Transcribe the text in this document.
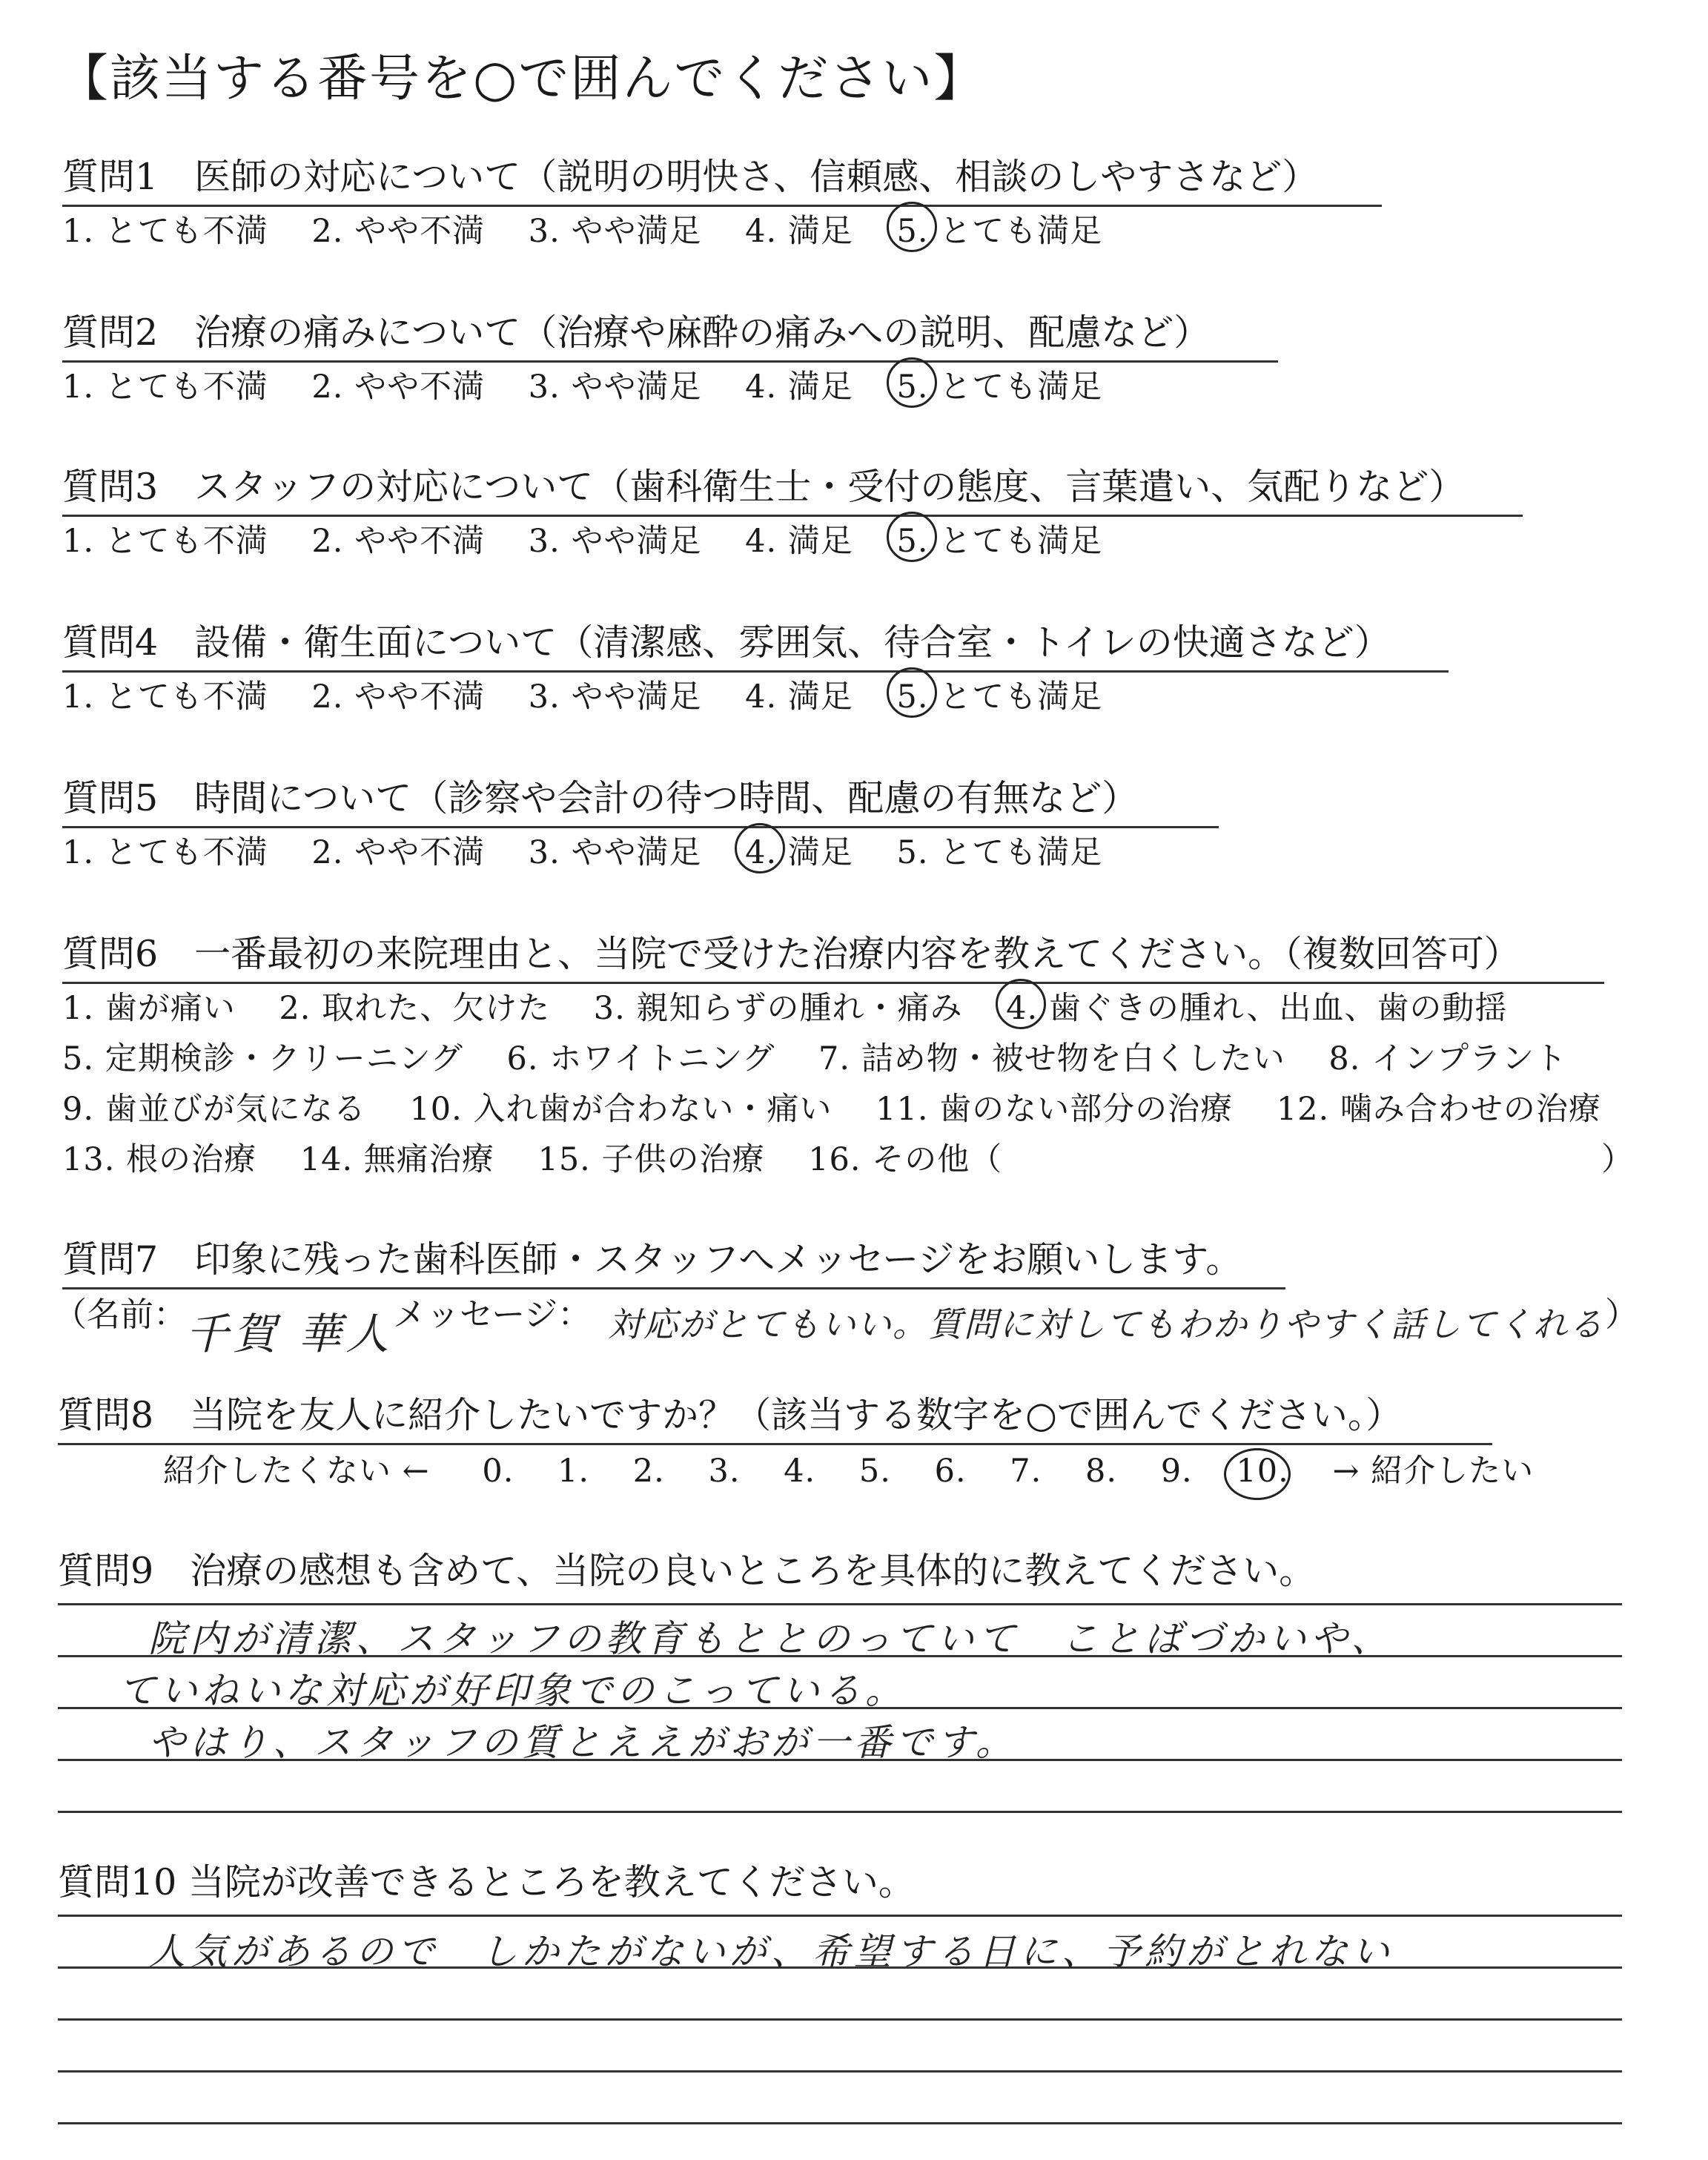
【該当する番号を○で囲んでください】
質問1　医師の対応について（説明の明快さ、信頼感、相談のしやすさなど）
1. とても不満 2. やや不満 3. やや満足 4. 満足 5. とても満足
質問2　治療の痛みについて（治療や麻酔の痛みへの説明、配慮など）
1. とても不満 2. やや不満 3. やや満足 4. 満足 5. とても満足
質問3　スタッフの対応について（歯科衛生士・受付の態度、言葉遣い、気配りなど）
1. とても不満 2. やや不満 3. やや満足 4. 満足 5. とても満足
質問4　設備・衛生面について（清潔感、雰囲気、待合室・トイレの快適さなど）
1. とても不満 2. やや不満 3. やや満足 4. 満足 5. とても満足
質問5　時間について（診察や会計の待つ時間、配慮の有無など）
1. とても不満 2. やや不満 3. やや満足 4. 満足 5. とても満足
質問6　一番最初の来院理由と、当院で受けた治療内容を教えてください。（複数回答可）
1. 歯が痛い 2. 取れた、欠けた 3. 親知らずの腫れ・痛み 4. 歯ぐきの腫れ、出血、歯の動揺
5. 定期検診・クリーニング 6. ホワイトニング 7. 詰め物・被せ物を白くしたい 8. インプラント
9. 歯並びが気になる 10. 入れ歯が合わない・痛い 11. 歯のない部分の治療 12. 噛み合わせの治療
13. 根の治療 14. 無痛治療 15. 子供の治療 16. その他（	）
質問7　印象に残った歯科医師・スタッフへメッセージをお願いします。
（名前：
千賀 華人 メッセージ： 対応がとてもいい。質問に対してもわかりやすく話してくれる ）
質問8　当院を友人に紹介したいですか？（該当する数字を○で囲んでください。）
紹介したくない ← 0. 1. 2. 3. 4. 5. 6. 7. 8. 9. 10. → 紹介したい
質問9　治療の感想も含めて、当院の良いところを具体的に教えてください。
院内が清潔、スタッフの教育もととのっていて　ことばづかいや、
ていねいな対応が好印象でのこっている。
やはり、スタッフの質とええがおが一番です。
質問10 当院が改善できるところを教えてください。
人気があるので　しかたがないが、希望する日に、予約がとれない
